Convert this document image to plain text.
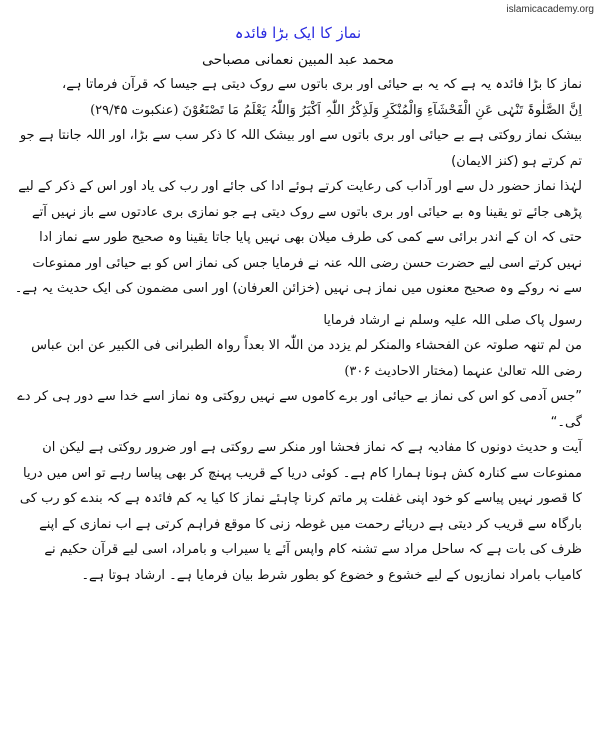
islamicacademy.org
نماز کا ایک بڑا فائدہ
محمد عبد المبین نعمانی مصباحی

نماز کا بڑا فائدہ یہ ہے کہ یہ بے حیائی اور بری باتوں سے روک دیتی ہے جیسا کہ قرآن فرماتا ہے،

اِنَّ الصَّلٰوۃَ تَنْہٰی عَنِ الْفَحْشَآءِ وَالْمُنْکَرِ وَلَذِکْرُ اللّٰہِ اَکْبَرُ وَاللّٰہُ یَعْلَمُ مَا تَصْنَعُوْنَ (عنکبوت ۲۹/۴۵)

بیشک نماز روکتی ہے بے حیائی اور بری باتوں سے اور بیشک اللہ کا ذکر سب سے بڑا، اور اللہ جانتا ہے جو تم کرتے ہو (کنز الایمان)

لہٰذا نماز حضور دل سے اور آداب کی رعایت کرتے ہوئے ادا کی جائے اور رب کی یاد اور اس کے ذکر کے لیے پڑھی جائے تو یقینا وہ بے حیائی اور بری باتوں سے روک دیتی ہے جو نمازی بری عادتوں سے باز نہیں آتے حتی کہ ان کے اندر برائی سے کمی کی طرف میلان بھی نہیں پایا جاتا یقینا وہ صحیح طور سے نماز ادا نہیں کرتے اسی لیے حضرت حسن رضی اللہ عنہ نے فرمایا جس کی نماز اس کو بے حیائی اور ممنوعات سے نہ روکے وہ صحیح معنوں میں نماز ہی نہیں (خزائن العرفان) اور اسی مضمون کی ایک حدیث یہ ہے۔

رسول پاک صلی اللہ علیہ وسلم نے ارشاد فرمایا

من لم تنھہ صلوتہ عن الفحشاء والمنکر لم یزدد من اللّٰہ الا بعداً رواہ الطبرانی فی الکبیر عن ابن عباس رضی اللہ تعالیٰ عنہما (مختار الاحادیث ۳۰۶)

”جس آدمی کو اس کی نماز بے حیائی اور برے کاموں سے نہیں روکتی وہ نماز اسے خدا سے دور ہی کر دے گی۔“

آیت و حدیث دونوں کا مفادیہ ہے کہ نماز فحشا اور منکر سے روکتی ہے اور ضرور روکتی ہے لیکن ان ممنوعات سے کنارہ کش ہونا ہمارا کام ہے۔ کوئی دریا کے قریب پہنچ کر بھی پیاسا رہے تو اس میں دریا کا قصور نہیں پیاسے کو خود اپنی غفلت پر ماتم کرنا چاہئے نماز کا کیا یہ کم فائدہ ہے کہ بندے کو رب کی بارگاہ سے قریب کر دیتی ہے دریائے رحمت میں غوطہ زنی کا موقع فراہم کرتی ہے اب نمازی کے اپنے ظرف کی بات ہے کہ ساحل مراد سے تشنہ کام واپس آئے یا سیراب و بامراد، اسی لیے قرآن حکیم نے کامیاب بامراد نمازیوں کے لیے خشوع و خضوع کو بطور شرط بیان فرمایا ہے۔ ارشاد ہوتا ہے۔
